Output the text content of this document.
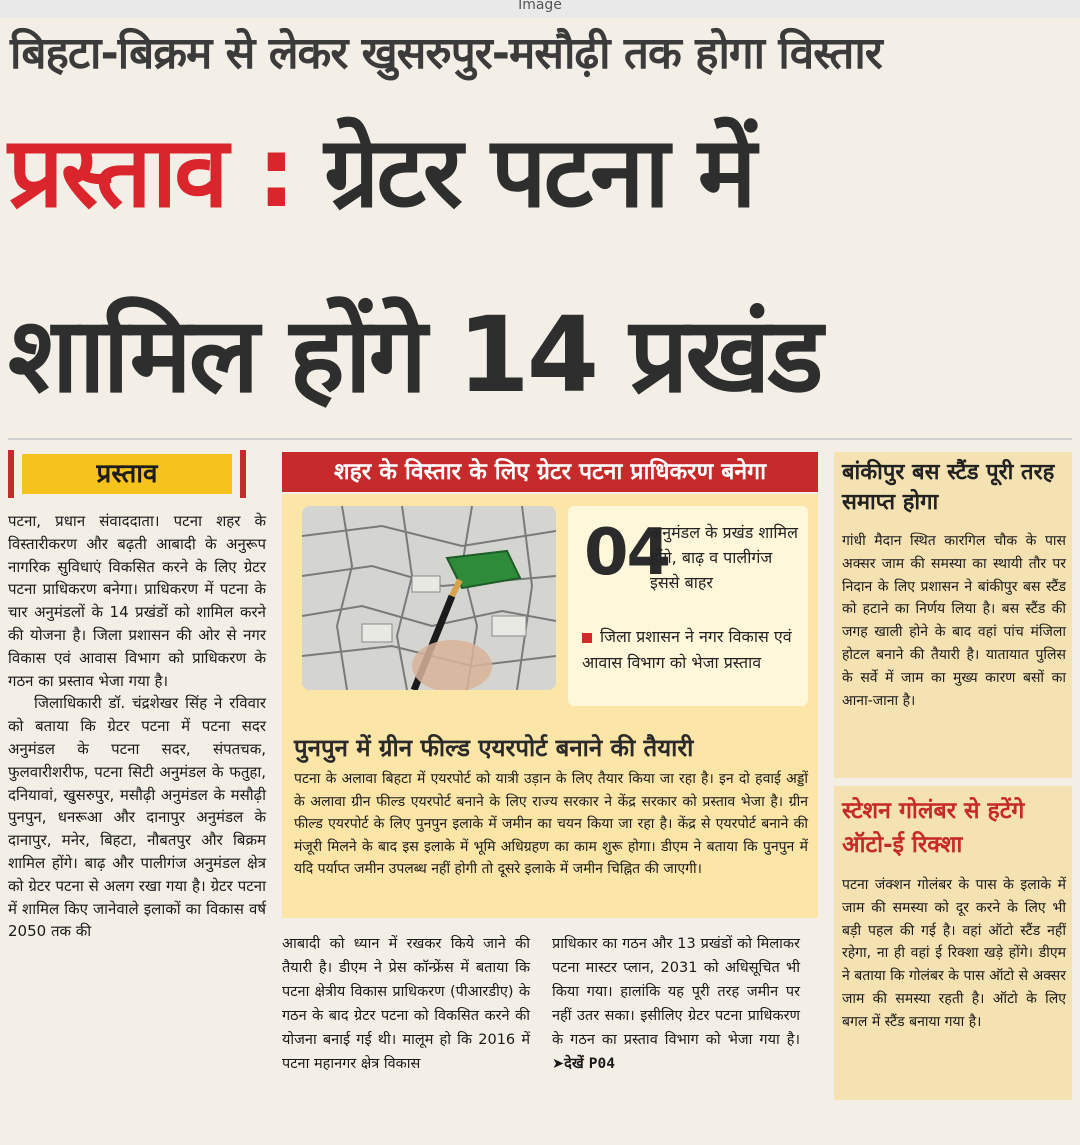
Image
बिहटा-बिक्रम से लेकर खुसरुपुर-मसौढ़ी तक होगा विस्तार
प्रस्ताव : ग्रेटर पटना में
शामिल होंगे 14 प्रखंड
प्रस्ताव

पटना, प्रधान संवाददाता। पटना शहर के विस्तारीकरण और बढ़ती आबादी के अनुरूप नागरिक सुविधाएं विकसित करने के लिए ग्रेटर पटना प्राधिकरण बनेगा। प्राधिकरण में पटना के चार अनुमंडलों के 14 प्रखंडों को शामिल करने की योजना है। जिला प्रशासन की ओर से नगर विकास एवं आवास विभाग को प्राधिकरण के गठन का प्रस्ताव भेजा गया है।

जिलाधिकारी डॉ. चंद्रशेखर सिंह ने रविवार को बताया कि ग्रेटर पटना में पटना सदर अनुमंडल के पटना सदर, संपतचक, फुलवारीशरीफ, पटना सिटी अनुमंडल के फतुहा, दनियावां, खुसरुपुर, मसौढ़ी अनुमंडल के मसौढ़ी पुनपुन, धनरूआ और दानापुर अनुमंडल के दानापुर, मनेर, बिहटा, नौबतपुर और बिक्रम शामिल होंगे। बाढ़ और पालीगंज अनुमंडल क्षेत्र को ग्रेटर पटना से अलग रखा गया है। ग्रेटर पटना में शामिल किए जानेवाले इलाकों का विकास वर्ष 2050 तक की

शहर के विस्तार के लिए ग्रेटर पटना प्राधिकरण बनेगा
04
अनुमंडल के प्रखंड शामिल होंगे, बाढ़ व पालीगंज इससे बाहर
जिला प्रशासन ने नगर विकास एवं आवास विभाग को भेजा प्रस्ताव
पुनपुन में ग्रीन फील्ड एयरपोर्ट बनाने की तैयारी

पटना के अलावा बिहटा में एयरपोर्ट को यात्री उड़ान के लिए तैयार किया जा रहा है। इन दो हवाई अड्डों के अलावा ग्रीन फील्ड एयरपोर्ट बनाने के लिए राज्य सरकार ने केंद्र सरकार को प्रस्ताव भेजा है। ग्रीन फील्ड एयरपोर्ट के लिए पुनपुन इलाके में जमीन का चयन किया जा रहा है। केंद्र से एयरपोर्ट बनाने की मंजूरी मिलने के बाद इस इलाके में भूमि अधिग्रहण का काम शुरू होगा। डीएम ने बताया कि पुनपुन में यदि पर्याप्त जमीन उपलब्ध नहीं होगी तो दूसरे इलाके में जमीन चिह्नित की जाएगी।

आबादी को ध्यान में रखकर किये जाने की तैयारी है। डीएम ने प्रेस कॉन्फ्रेंस में बताया कि पटना क्षेत्रीय विकास प्राधिकरण (पीआरडीए) के गठन के बाद ग्रेटर पटना को विकसित करने की योजना बनाई गई थी। मालूम हो कि 2016 में पटना महानगर क्षेत्र विकास

प्राधिकार का गठन और 13 प्रखंडों को मिलाकर पटना मास्टर प्लान, 2031 को अधिसूचित भी किया गया। हालांकि यह पूरी तरह जमीन पर नहीं उतर सका। इसीलिए ग्रेटर पटना प्राधिकरण के गठन का प्रस्ताव विभाग को भेजा गया है। ➤देखें P04

बांकीपुर बस स्टैंड पूरी तरह समाप्त होगा

गांधी मैदान स्थित कारगिल चौक के पास अक्सर जाम की समस्या का स्थायी तौर पर निदान के लिए प्रशासन ने बांकीपुर बस स्टैंड को हटाने का निर्णय लिया है। बस स्टैंड की जगह खाली होने के बाद वहां पांच मंजिला होटल बनाने की तैयारी है। यातायात पुलिस के सर्वे में जाम का मुख्य कारण बसों का आना-जाना है।

स्टेशन गोलंबर से हटेंगे ऑटो-ई रिक्शा

पटना जंक्शन गोलंबर के पास के इलाके में जाम की समस्या को दूर करने के लिए भी बड़ी पहल की गई है। वहां ऑटो स्टैंड नहीं रहेगा, ना ही वहां ई रिक्शा खड़े होंगे। डीएम ने बताया कि गोलंबर के पास ऑटो से अक्सर जाम की समस्या रहती है। ऑटो के लिए बगल में स्टैंड बनाया गया है।
